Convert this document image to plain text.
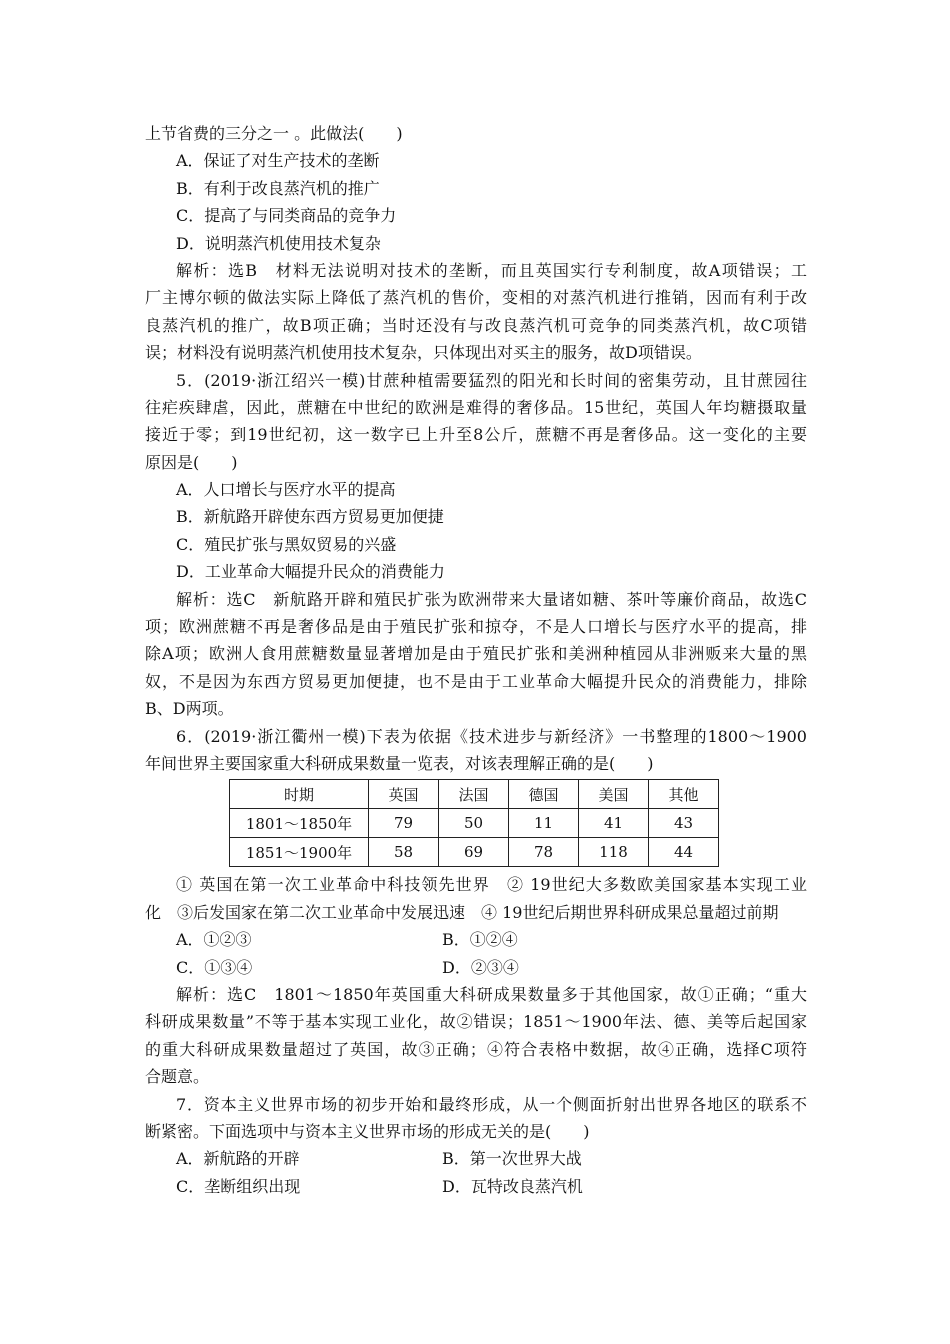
上节省费的三分之一 。此做法(　　)
A．保证了对生产技术的垄断
B．有利于改良蒸汽机的推广
C．提高了与同类商品的竞争力
D．说明蒸汽机使用技术复杂
解析：选B　材料无法说明对技术的垄断，而且英国实行专利制度，故A项错误；工
厂主博尔顿的做法实际上降低了蒸汽机的售价，变相的对蒸汽机进行推销，因而有利于改
良蒸汽机的推广，故B项正确；当时还没有与改良蒸汽机可竞争的同类蒸汽机，故C项错
误；材料没有说明蒸汽机使用技术复杂，只体现出对买主的服务，故D项错误。
5．(2019·浙江绍兴一模)甘蔗种植需要猛烈的阳光和长时间的密集劳动，且甘蔗园往
往疟疾肆虐，因此，蔗糖在中世纪的欧洲是难得的奢侈品。15世纪，英国人年均糖摄取量
接近于零；到19世纪初，这一数字已上升至8公斤，蔗糖不再是奢侈品。这一变化的主要
原因是(　　)
A．人口增长与医疗水平的提高
B．新航路开辟使东西方贸易更加便捷
C．殖民扩张与黑奴贸易的兴盛
D．工业革命大幅提升民众的消费能力
解析：选C　新航路开辟和殖民扩张为欧洲带来大量诸如糖、茶叶等廉价商品，故选C
项；欧洲蔗糖不再是奢侈品是由于殖民扩张和掠夺，不是人口增长与医疗水平的提高，排
除A项；欧洲人食用蔗糖数量显著增加是由于殖民扩张和美洲种植园从非洲贩来大量的黑
奴，不是因为东西方贸易更加便捷，也不是由于工业革命大幅提升民众的消费能力，排除
B、D两项。
6．(2019·浙江衢州一模)下表为依据《技术进步与新经济》一书整理的1800～1900
年间世界主要国家重大科研成果数量一览表，对该表理解正确的是(　　)
时期	英国	法国	德国	美国	其他
1801～1850年	79	50	11	41	43
1851～1900年	58	69	78	118	44
① 英国在第一次工业革命中科技领先世界　② 19世纪大多数欧美国家基本实现工业
化　③后发国家在第二次工业革命中发展迅速　④ 19世纪后期世界科研成果总量超过前期
A．①②③	B．①②④
C．①③④	D．②③④
解析：选C　1801～1850年英国重大科研成果数量多于其他国家，故①正确；“重大
科研成果数量”不等于基本实现工业化，故②错误；1851～1900年法、德、美等后起国家
的重大科研成果数量超过了英国，故③正确；④符合表格中数据，故④正确，选择C项符
合题意。
7．资本主义世界市场的初步开始和最终形成，从一个侧面折射出世界各地区的联系不
断紧密。下面选项中与资本主义世界市场的形成无关的是(　　)
A．新航路的开辟	B．第一次世界大战
C．垄断组织出现	D．瓦特改良蒸汽机
